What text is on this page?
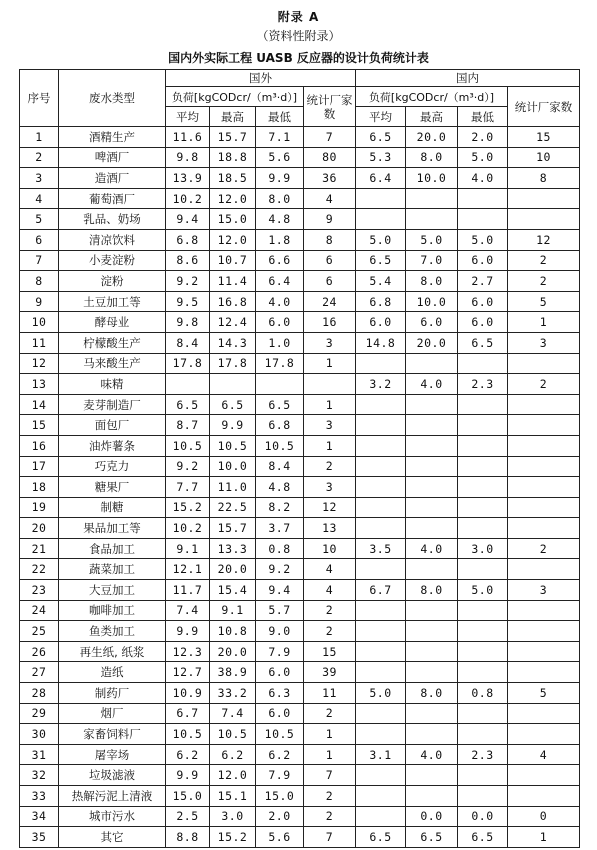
附录 A
（资料性附录）
国内外实际工程 UASB 反应器的设计负荷统计表
序号	废水类型	国外				国内			
		负荷[kgCODcr/（m³·d）]			统计厂家数	负荷[kgCODcr/（m³·d）]			统计厂家数
		平均	最高	最低		平均	最高	最低	
1	酒精生产	11.6	15.7	7.1	7	6.5	20.0	2.0	15
2	啤酒厂	9.8	18.8	5.6	80	5.3	8.0	5.0	10
3	造酒厂	13.9	18.5	9.9	36	6.4	10.0	4.0	8
4	葡萄酒厂	10.2	12.0	8.0	4				
5	乳品、奶场	9.4	15.0	4.8	9				
6	清凉饮料	6.8	12.0	1.8	8	5.0	5.0	5.0	12
7	小麦淀粉	8.6	10.7	6.6	6	6.5	7.0	6.0	2
8	淀粉	9.2	11.4	6.4	6	5.4	8.0	2.7	2
9	土豆加工等	9.5	16.8	4.0	24	6.8	10.0	6.0	5
10	酵母业	9.8	12.4	6.0	16	6.0	6.0	6.0	1
11	柠檬酸生产	8.4	14.3	1.0	3	14.8	20.0	6.5	3
12	马来酸生产	17.8	17.8	17.8	1				
13	味精					3.2	4.0	2.3	2
14	麦芽制造厂	6.5	6.5	6.5	1				
15	面包厂	8.7	9.9	6.8	3				
16	油炸薯条	10.5	10.5	10.5	1				
17	巧克力	9.2	10.0	8.4	2				
18	糖果厂	7.7	11.0	4.8	3				
19	制糖	15.2	22.5	8.2	12				
20	果品加工等	10.2	15.7	3.7	13				
21	食品加工	9.1	13.3	0.8	10	3.5	4.0	3.0	2
22	蔬菜加工	12.1	20.0	9.2	4				
23	大豆加工	11.7	15.4	9.4	4	6.7	8.0	5.0	3
24	咖啡加工	7.4	9.1	5.7	2				
25	鱼类加工	9.9	10.8	9.0	2				
26	再生纸, 纸浆	12.3	20.0	7.9	15				
27	造纸	12.7	38.9	6.0	39				
28	制药厂	10.9	33.2	6.3	11	5.0	8.0	0.8	5
29	烟厂	6.7	7.4	6.0	2				
30	家畜饲料厂	10.5	10.5	10.5	1				
31	屠宰场	6.2	6.2	6.2	1	3.1	4.0	2.3	4
32	垃圾滤液	9.9	12.0	7.9	7				
33	热解污泥上清液	15.0	15.1	15.0	2				
34	城市污水	2.5	3.0	2.0	2		0.0	0.0	0
35	其它	8.8	15.2	5.6	7	6.5	6.5	6.5	1
